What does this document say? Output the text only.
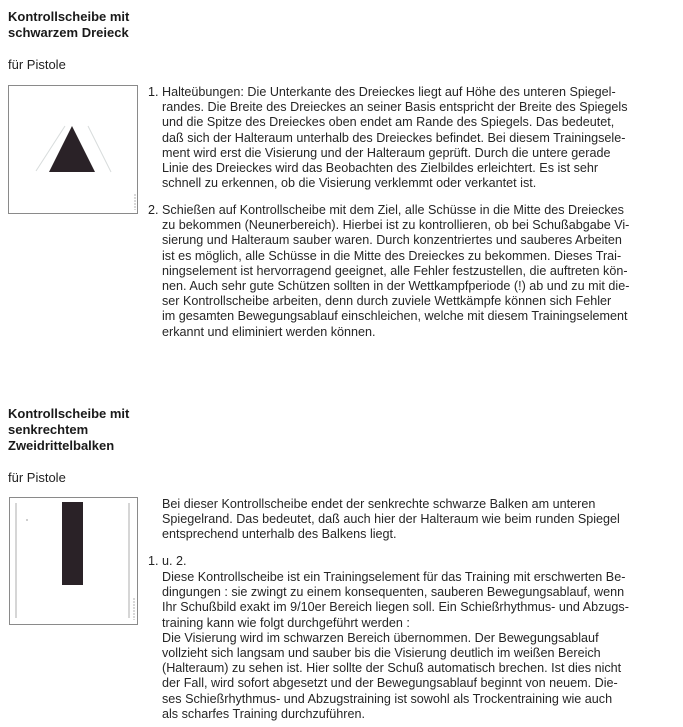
Kontrollscheibe mit
schwarzem Dreieck
für Pistole
1. Halteübungen: Die Unterkante des Dreieckes liegt auf Höhe des unteren Spiegel-
randes. Die Breite des Dreieckes an seiner Basis entspricht der Breite des Spiegels
und die Spitze des Dreieckes oben endet am Rande des Spiegels. Das bedeutet,
daß sich der Halteraum unterhalb des Dreieckes befindet. Bei diesem Trainingsele-
ment wird erst die Visierung und der Halteraum geprüft. Durch die untere gerade
Linie des Dreieckes wird das Beobachten des Zielbildes erleichtert. Es ist sehr
schnell zu erkennen, ob die Visierung verklemmt oder verkantet ist.
2. Schießen auf Kontrollscheibe mit dem Ziel, alle Schüsse in die Mitte des Dreieckes
zu bekommen (Neunerbereich). Hierbei ist zu kontrollieren, ob bei Schußabgabe Vi-
sierung und Halteraum sauber waren. Durch konzentriertes und sauberes Arbeiten
ist es möglich, alle Schüsse in die Mitte des Dreieckes zu bekommen. Dieses Trai-
ningselement ist hervorragend geeignet, alle Fehler festzustellen, die auftreten kön-
nen. Auch sehr gute Schützen sollten in der Wettkampfperiode (!) ab und zu mit die-
ser Kontrollscheibe arbeiten, denn durch zuviele Wettkämpfe können sich Fehler
im gesamten Bewegungsablauf einschleichen, welche mit diesem Trainingselement
erkannt und eliminiert werden können.
Kontrollscheibe mit
senkrechtem
Zweidrittelbalken
für Pistole
Bei dieser Kontrollscheibe endet der senkrechte schwarze Balken am unteren
Spiegelrand. Das bedeutet, daß auch hier der Halteraum wie beim runden Spiegel
entsprechend unterhalb des Balkens liegt.
1. u. 2.
Diese Kontrollscheibe ist ein Trainingselement für das Training mit erschwerten Be-
dingungen : sie zwingt zu einem konsequenten, sauberen Bewegungsablauf, wenn
Ihr Schußbild exakt im 9/10er Bereich liegen soll. Ein Schießrhythmus- und Abzugs-
training kann wie folgt durchgeführt werden :
Die Visierung wird im schwarzen Bereich übernommen. Der Bewegungsablauf
vollzieht sich langsam und sauber bis die Visierung deutlich im weißen Bereich
(Halteraum) zu sehen ist. Hier sollte der Schuß automatisch brechen. Ist dies nicht
der Fall, wird sofort abgesetzt und der Bewegungsablauf beginnt von neuem. Die-
ses Schießrhythmus- und Abzugstraining ist sowohl als Trockentraining wie auch
als scharfes Training durchzuführen.
